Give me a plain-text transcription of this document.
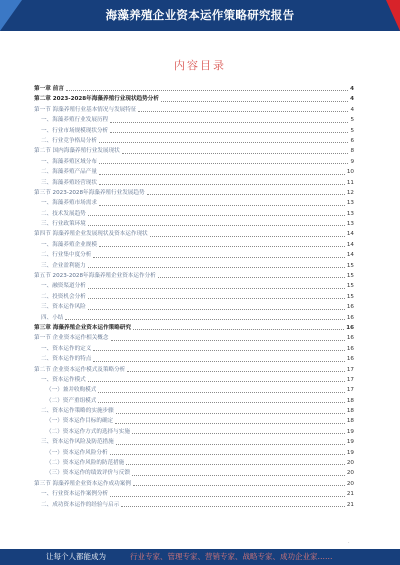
海藻养殖企业资本运作策略研究报告
内容目录
第一章 前言	4
第二章 2023-2028年海藻养殖行业现状趋势分析	4
第一节 海藻养殖行业基本情况与发展特征	4
一、海藻养殖行业发展历程	5
一、行业市场规模现状分析	5
二、行业竞争格局分析	6
第二节 国内海藻养殖行业发展现状	8
一、海藻养殖区域分布	9
二、海藻养殖产品产量	10
三、海藻养殖经营现状	11
第三节 2023-2028年海藻养殖行业发展趋势	12
一、海藻养殖市场需求	13
二、技术发展趋势	13
三、行业政策环境	13
第四节 海藻养殖企业发展现状及资本运作现状	14
一、海藻养殖企业规模	14
二、行业集中度分析	14
三、企业盈利能力	15
第五节 2023-2028年海藻养殖企业资本运作分析	15
一、融资渠道分析	15
二、投资机会分析	15
三、资本运作风险	16
四、小结	16
第三章 海藻养殖企业资本运作策略研究	16
第一节 企业资本运作相关概念	16
一、资本运作的定义	16
二、资本运作的特点	16
第二节 企业资本运作模式及策略分析	17
一、资本运作模式	17
（一）兼并收购模式	17
（二）资产重组模式	18
二、资本运作策略的实施步骤	18
（一）资本运作目标的确定	18
（二）资本运作方式的选择与实施	19
三、资本运作风险及防范措施	19
（一）资本运作风险分析	19
（二）资本运作风险的防范措施	20
（三）资本运作的绩效评价与反馈	20
第三节 海藻养殖企业资本运作成功案例	20
一、行业资本运作案例分析	21
二、成功资本运作的经验与启示	21
·
让每个人都能成为	行业专家、管理专家、营销专家、战略专家、成功企业家……
